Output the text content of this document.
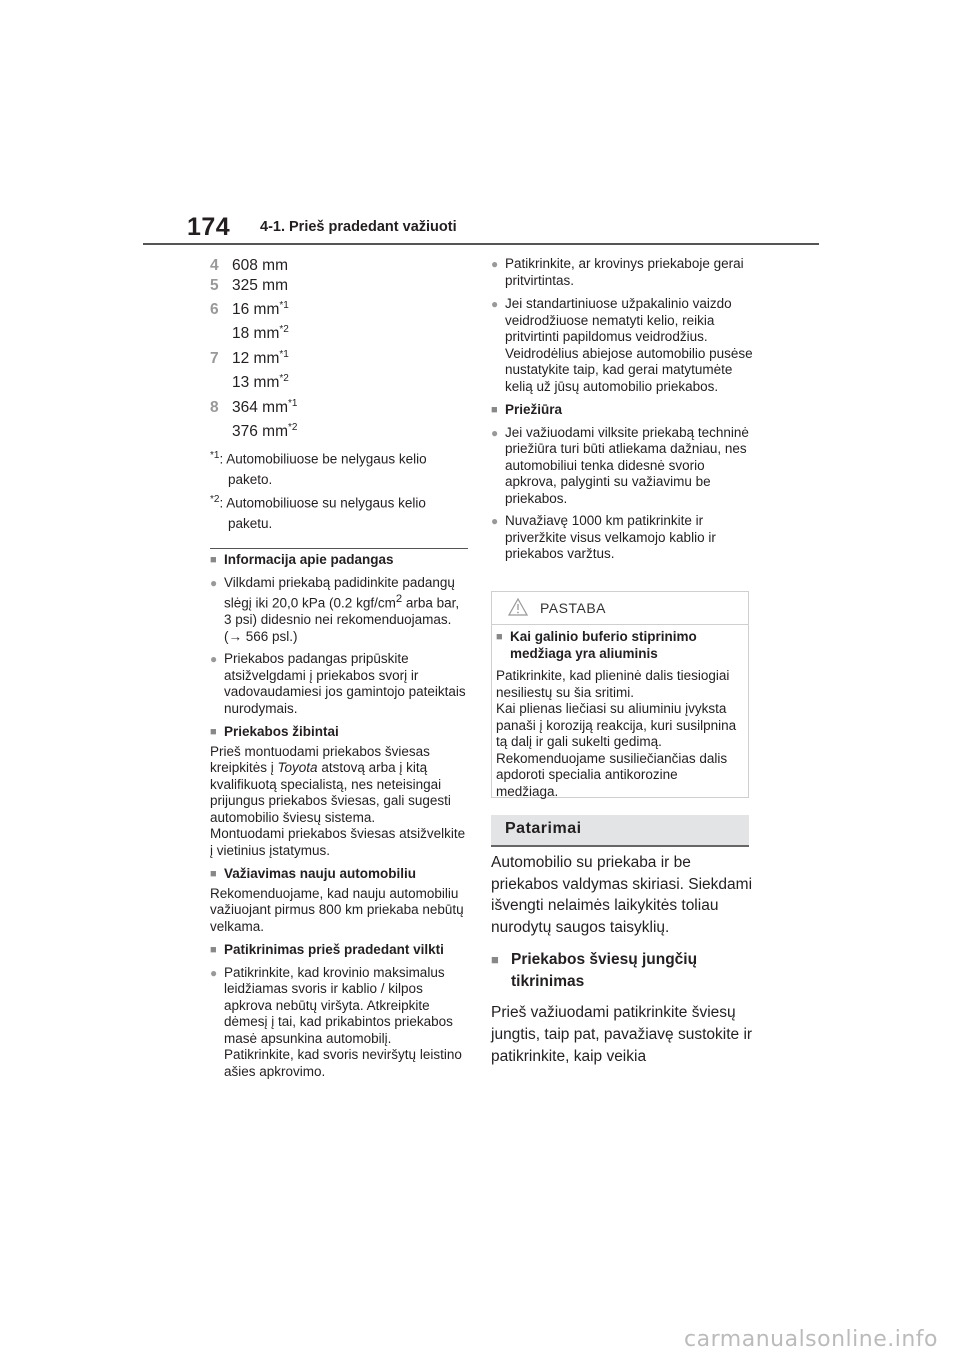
174 4-1. Prieš pradedant važiuoti
4 608 mm
5 325 mm
6 16 $mm^{*1}$
18 $mm^{*2}$
7 12 $mm^{*1}$
13 $mm^{*2}$
8 364 $mm^{*1}$
376 $mm^{*2}$
$^{*1}$: Automobiliuose be nelygaus kelio paketo.
$^{*2}$: Automobiliuose su nelygaus kelio paketu.
■ Informacija apie padangas
● Vilkdami priekabą padidinkite padangų slėgį iki 20,0 kPa (0.2 kgf/$cm^2$ arba bar, 3 psi) didesnio nei rekomenduojamas. (→ 566 psl.)
● Priekabos padangas pripūskite atsižvelgdami į priekabos svorį ir vadovaudamiesi jos gamintojo pateiktais nurodymais.
■ Priekabos žibintai

Prieš montuodami priekabos šviesas kreipkitės į Toyota atstovą arba į kitą kvalifikuotą specialistą, nes neteisingai prijungus priekabos šviesas, gali sugesti automobilio šviesų sistema.

Montuodami priekabos šviesas atsižvelkite į vietinius įstatymus.

■ Važiavimas nauju automobiliu

Rekomenduojame, kad nauju automobiliu važiuojant pirmus 800 km priekaba nebūtų velkama.

■ Patikrinimas prieš pradedant vilkti
● Patikrinkite, kad krovinio maksimalus leidžiamas svoris ir kablio / kilpos apkrova nebūtų viršyta. Atkreipkite dėmesį į tai, kad prikabintos priekabos masė apsunkina automobilį.
Patikrinkite, kad svoris neviršytų leistino ašies apkrovimo.
● Patikrinkite, ar krovinys priekaboje gerai pritvirtintas.
● Jei standartiniuose užpakalinio vaizdo veidrodžiuose nematyti kelio, reikia pritvirtinti papildomus veidrodžius.
Veidrodėlius abiejose automobilio pusėse nustatykite taip, kad gerai matytumėte kelią už jūsų automobilio priekabos.
■ Priežiūra
● Jei važiuodami vilksite priekabą techninė priežiūra turi būti atliekama dažniau, nes automobiliui tenka didesnė svorio apkrova, palyginti su važiavimu be priekabos.
● Nuvažiavę 1000 km patikrinkite ir priveržkite visus velkamojo kablio ir priekabos varžtus.
PASTABA
■ Kai galinio buferio stiprinimo medžiaga yra aliuminis

Patikrinkite, kad plieninė dalis tiesiogiai nesiliestų su šia sritimi.

Kai plienas liečiasi su aliuminiu įvyksta panaši į koroziją reakcija, kuri susilpnina tą dalį ir gali sukelti gedimą. Rekomenduojame susiliečiančias dalis apdoroti specialia antikorozine medžiaga.

Patarimai

Automobilio su priekaba ir be priekabos valdymas skiriasi. Siekdami išvengti nelaimės laikykitės toliau nurodytų saugos taisyklių.

■ Priekabos šviesų jungčių tikrinimas

Prieš važiuodami patikrinkite šviesų jungtis, taip pat, pavažiavę sustokite ir patikrinkite, kaip veikia

carmanualsonline.info
